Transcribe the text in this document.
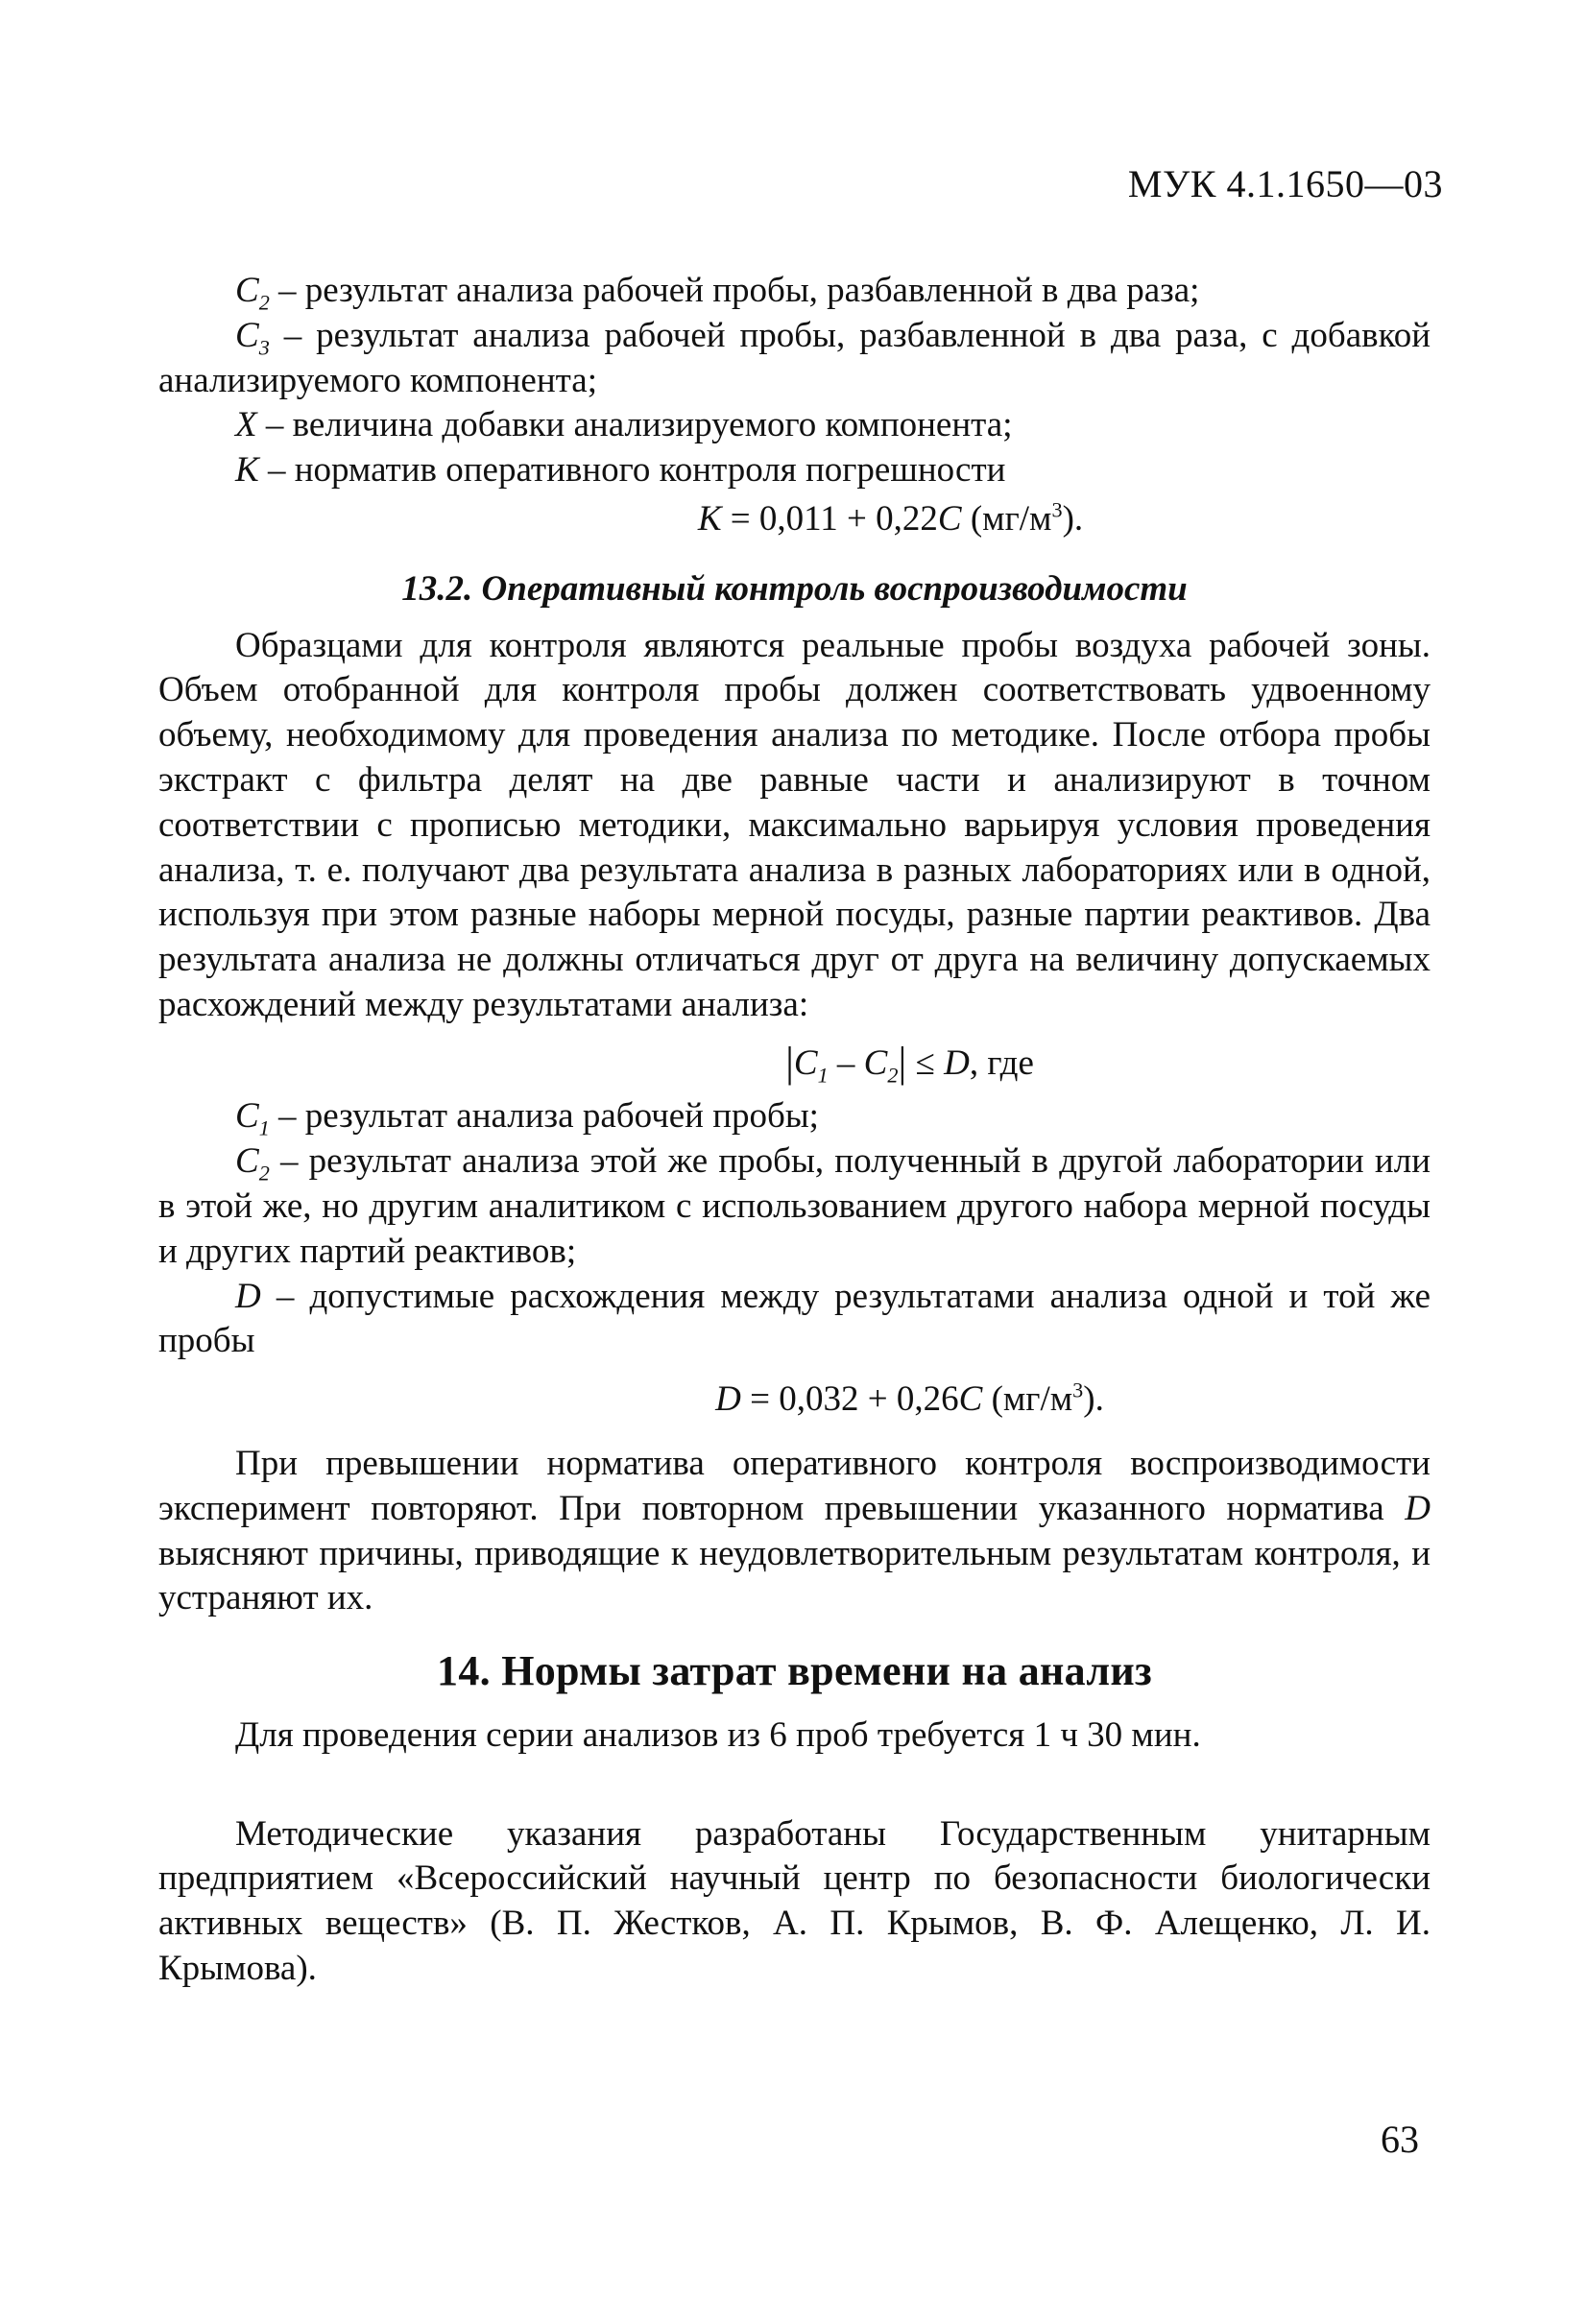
МУК 4.1.1650—03

$C_2$ – результат анализа рабочей пробы, разбавленной в два раза;

$C_3$ – результат анализа рабочей пробы, разбавленной в два раза, с добавкой анализируемого компонента;

X – величина добавки анализируемого компонента;

K – норматив оперативного контроля погрешности

K = 0,011 + 0,22C $(мг/м^3)$.
13.2. Оперативный контроль воспроизводимости

Образцами для контроля являются реальные пробы воздуха рабочей зоны. Объем отобранной для контроля пробы должен соответствовать удвоенному объему, необходимому для проведения анализа по методике. После отбора пробы экстракт с фильтра делят на две равные части и анализируют в точном соответствии с прописью методики, максимально варьируя условия проведения анализа, т. е. получают два результата анализа в разных лабораториях или в одной, используя при этом разные наборы мерной посуды, разные партии реактивов. Два результата анализа не должны отличаться друг от друга на величину допускаемых расхождений между результатами анализа:

$|C_1 - C_2| \le D$, где

$C_1$ – результат анализа рабочей пробы;

$C_2$ – результат анализа этой же пробы, полученный в другой лаборатории или в этой же, но другим аналитиком с использованием другого набора мерной посуды и других партий реактивов;

D – допустимые расхождения между результатами анализа одной и той же пробы

D = 0,032 + 0,26C $(мг/м^3)$.

При превышении норматива оперативного контроля воспроизводимости эксперимент повторяют. При повторном превышении указанного норматива D выясняют причины, приводящие к неудовлетворительным результатам контроля, и устраняют их.

14. Нормы затрат времени на анализ

Для проведения серии анализов из 6 проб требуется 1 ч 30 мин.

Методические указания разработаны Государственным унитарным предприятием «Всероссийский научный центр по безопасности биологически активных веществ» (В. П. Жестков, А. П. Крымов, В. Ф. Алещенко, Л. И. Крымова).

63
